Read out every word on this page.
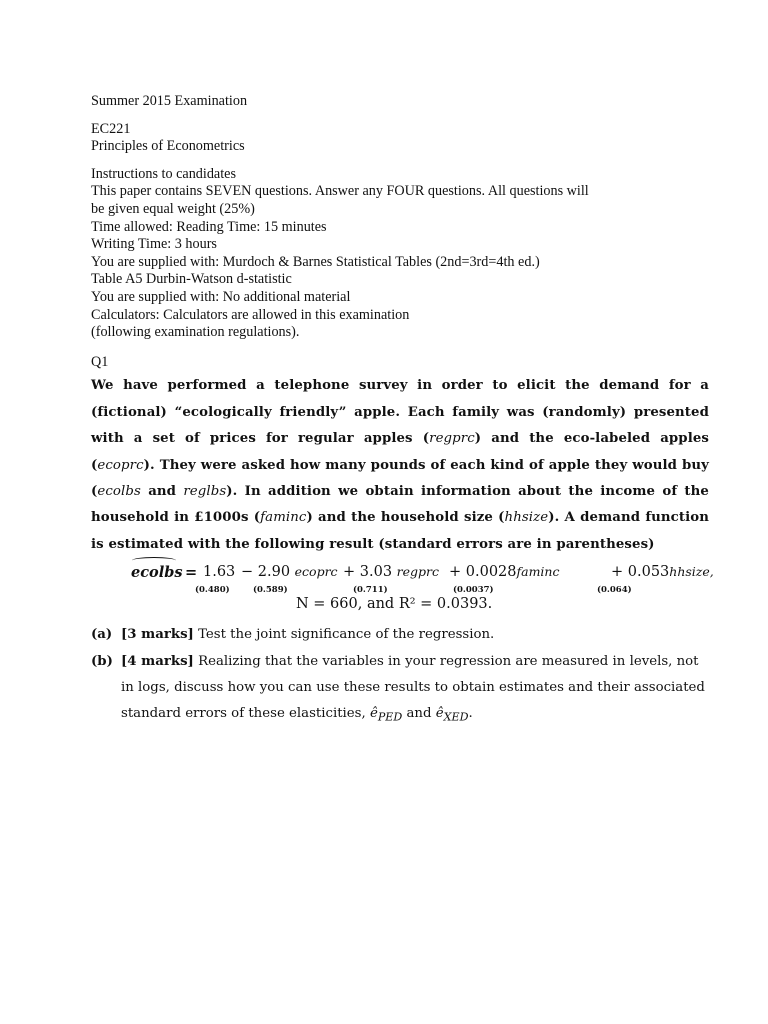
Summer 2015 Examination

EC221

Principles of Econometrics

Instructions to candidates

This paper contains SEVEN questions. Answer any FOUR questions. All questions will

be given equal weight (25%)

Time allowed: Reading Time: 15 minutes

Writing Time: 3 hours

You are supplied with: Murdoch & Barnes Statistical Tables (2nd=3rd=4th ed.)

Table A5 Durbin-Watson d-statistic

You are supplied with: No additional material

Calculators: Calculators are allowed in this examination

(following examination regulations).

Q1

We have performed a telephone survey in order to elicit the demand for a (fictional) “ecologically friendly” apple. Each family was (randomly) presented with a set of prices for regular apples (regprc) and the eco-labeled apples (ecoprc). They were asked how many pounds of each kind of apple they would buy (ecolbs and reglbs). In addition we obtain information about the income of the household in £1000s (faminc) and the household size (hhsize). A demand function is estimated with the following result (standard errors are in parentheses)
ecolbs = 1.63 − 2.90 ecoprc + 3.03 regprc + 0.0028faminc	+ 0.053hhsize,
(0.480)	(0.589)	(0.711)	(0.0037)	(0.064)
N = 660, and R² = 0.0393.
(a) [3 marks] Test the joint significance of the regression.
(b) [4 marks] Realizing that the variables in your regression are measured in levels, not in logs, discuss how you can use these results to obtain estimates and their associated standard errors of these elasticities, $ê_{PED}$ and $ê_{XED}$.
